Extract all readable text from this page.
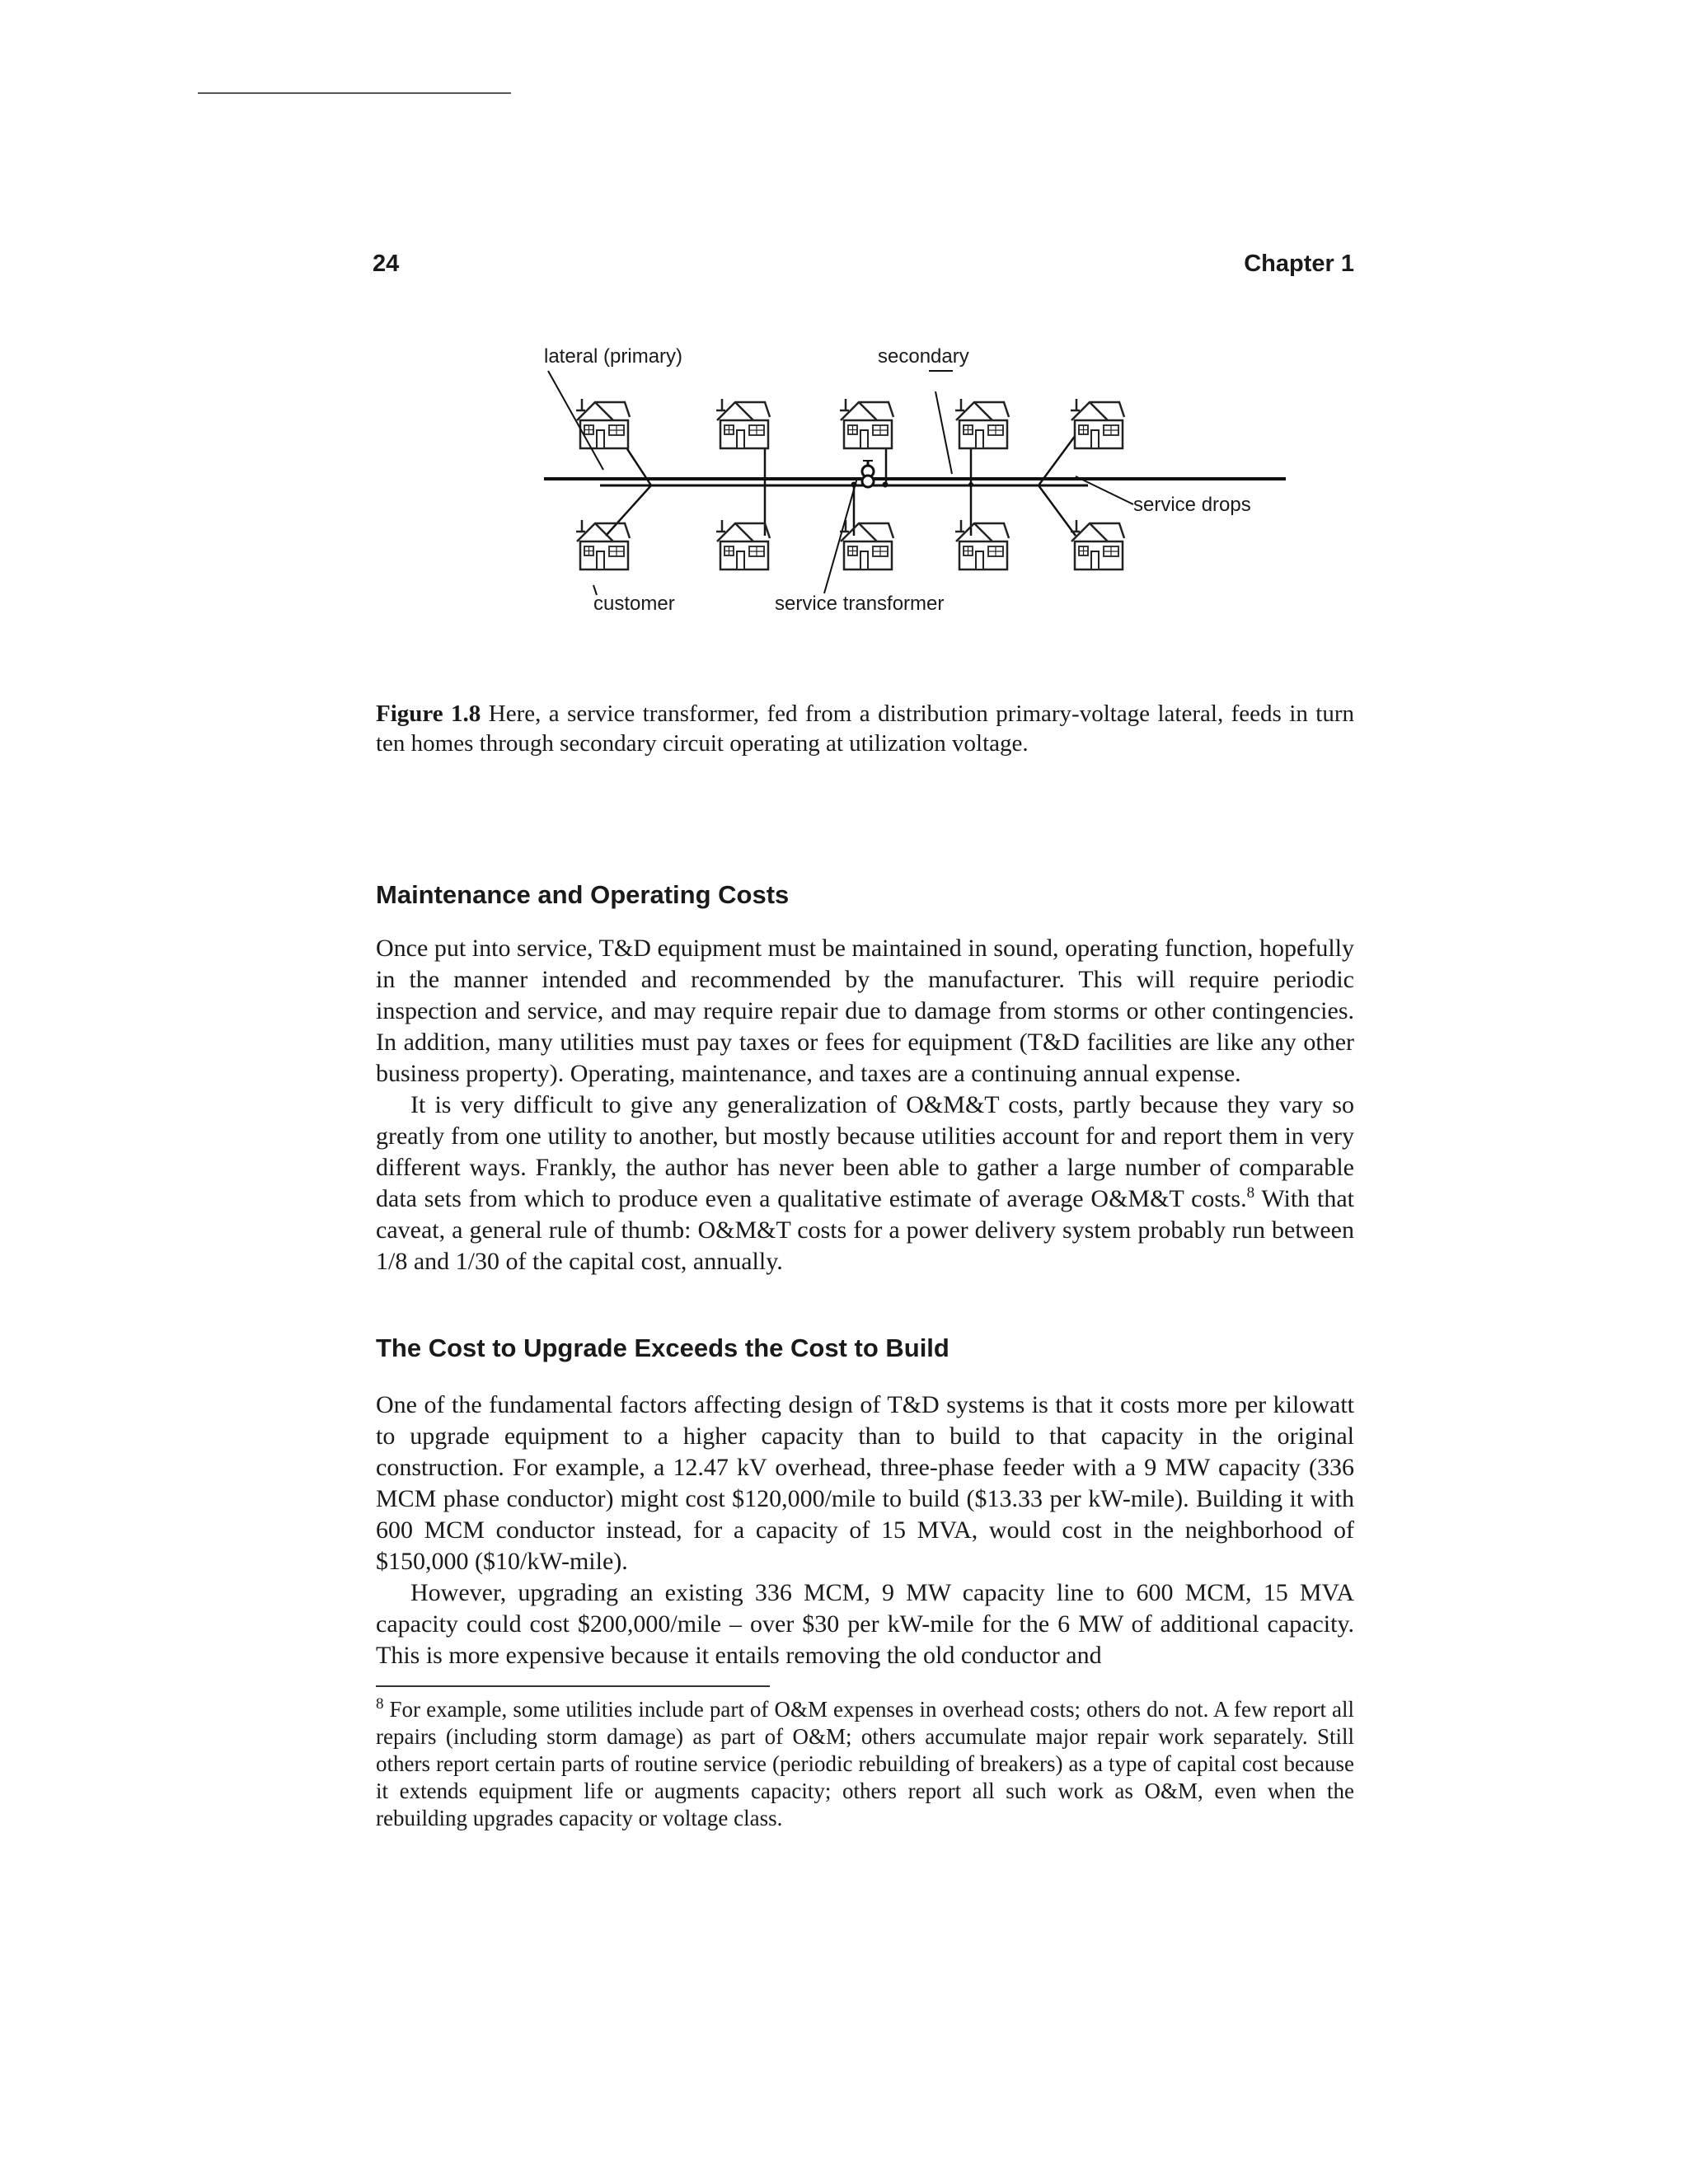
24	Chapter 1
lateral (primary)	secondary
service drops
customer	service transformer

Figure 1.8 Here, a service transformer, fed from a distribution primary-voltage lateral, feeds in turn ten homes through secondary circuit operating at utilization voltage.

Maintenance and Operating Costs

Once put into service, T&D equipment must be maintained in sound, operating function, hopefully in the manner intended and recommended by the manufacturer. This will require periodic inspection and service, and may require repair due to damage from storms or other contingencies. In addition, many utilities must pay taxes or fees for equipment (T&D facilities are like any other business property). Operating, maintenance, and taxes are a continuing annual expense.

It is very difficult to give any generalization of O&M&T costs, partly because they vary so greatly from one utility to another, but mostly because utilities account for and report them in very different ways. Frankly, the author has never been able to gather a large number of comparable data sets from which to produce even a qualitative estimate of average O&M&T costs.$^8$ With that caveat, a general rule of thumb: O&M&T costs for a power delivery system probably run between 1/8 and 1/30 of the capital cost, annually.

The Cost to Upgrade Exceeds the Cost to Build

One of the fundamental factors affecting design of T&D systems is that it costs more per kilowatt to upgrade equipment to a higher capacity than to build to that capacity in the original construction. For example, a 12.47 kV overhead, three-phase feeder with a 9 MW capacity (336 MCM phase conductor) might cost $120,000/mile to build ($13.33 per kW-mile). Building it with 600 MCM conductor instead, for a capacity of 15 MVA, would cost in the neighborhood of $150,000 ($10/kW-mile).

However, upgrading an existing 336 MCM, 9 MW capacity line to 600 MCM, 15 MVA capacity could cost $200,000/mile – over $30 per kW-mile for the 6 MW of additional capacity. This is more expensive because it entails removing the old conductor and

$^8$ For example, some utilities include part of O&M expenses in overhead costs; others do not. A few report all repairs (including storm damage) as part of O&M; others accumulate major repair work separately. Still others report certain parts of routine service (periodic rebuilding of breakers) as a type of capital cost because it extends equipment life or augments capacity; others report all such work as O&M, even when the rebuilding upgrades capacity or voltage class.
